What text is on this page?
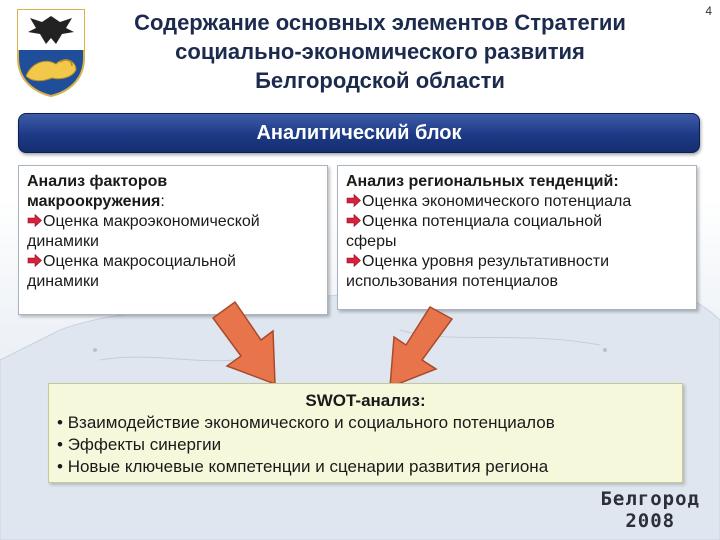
4
Содержание основных элементов Стратегии
социально-экономического развития
Белгородской области
Аналитический блок
Анализ факторов
макроокружения:
Оценка макроэкономической
динамики
Оценка макросоциальной
динамики
Анализ региональных тенденций:
Оценка экономического потенциала
Оценка потенциала социальной
сферы
Оценка уровня результативности
использования потенциалов
SWOT-анализ:
• Взаимодействие экономического и социального потенциалов
• Эффекты синергии
• Новые ключевые компетенции и сценарии развития региона
Белгород
2008
